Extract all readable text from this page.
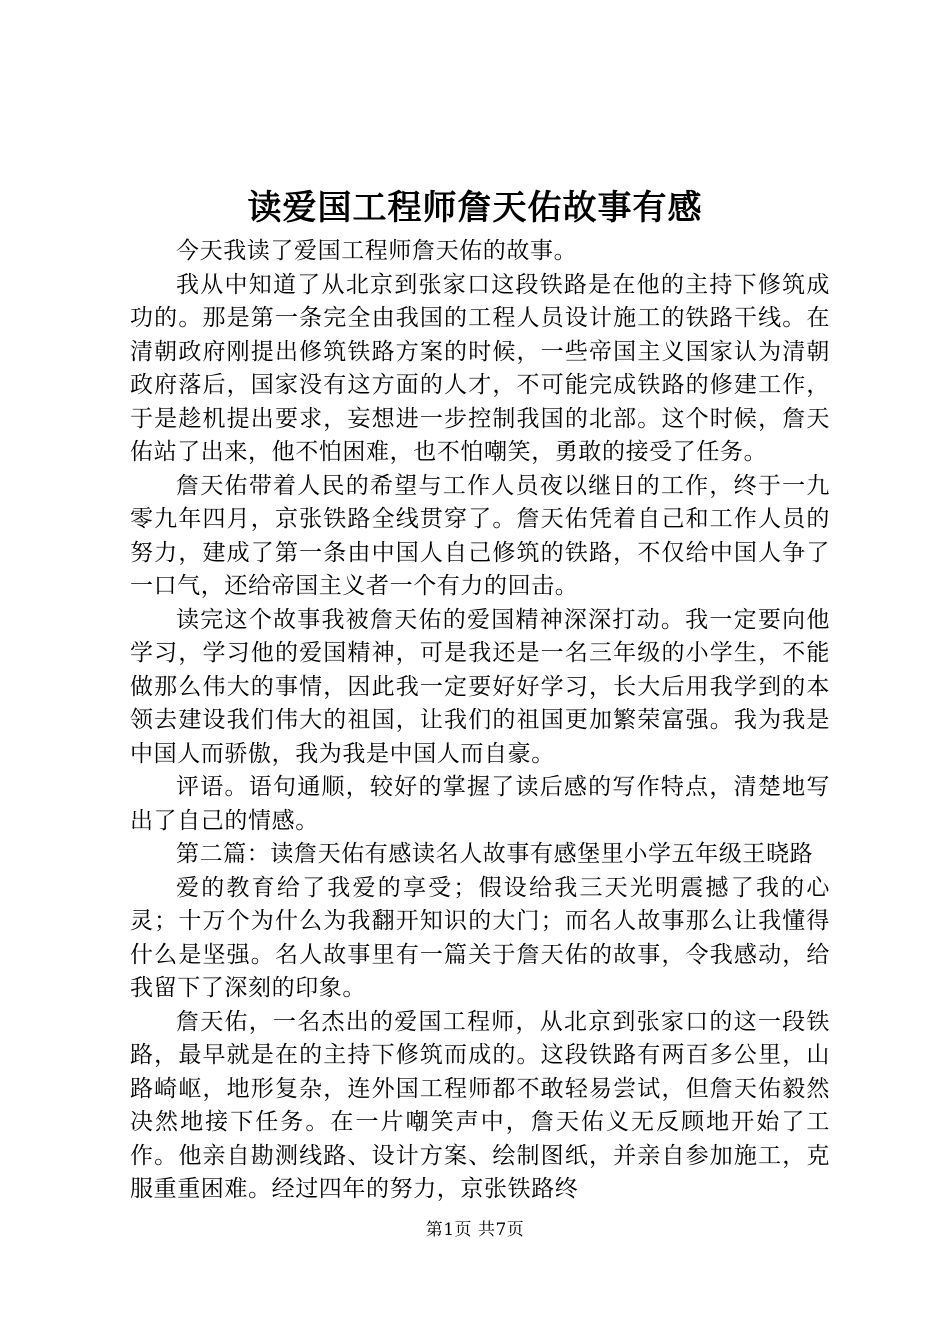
读爱国工程师詹天佑故事有感

今天我读了爱国工程师詹天佑的故事。

我从中知道了从北京到张家口这段铁路是在他的主持下修筑成功的。那是第一条完全由我国的工程人员设计施工的铁路干线。在清朝政府刚提出修筑铁路方案的时候，一些帝国主义国家认为清朝政府落后，国家没有这方面的人才，不可能完成铁路的修建工作，于是趁机提出要求，妄想进一步控制我国的北部。这个时候，詹天佑站了出来，他不怕困难，也不怕嘲笑，勇敢的接受了任务。

詹天佑带着人民的希望与工作人员夜以继日的工作，终于一九零九年四月，京张铁路全线贯穿了。詹天佑凭着自己和工作人员的努力，建成了第一条由中国人自己修筑的铁路，不仅给中国人争了一口气，还给帝国主义者一个有力的回击。

读完这个故事我被詹天佑的爱国精神深深打动。我一定要向他学习，学习他的爱国精神，可是我还是一名三年级的小学生，不能做那么伟大的事情，因此我一定要好好学习，长大后用我学到的本领去建设我们伟大的祖国，让我们的祖国更加繁荣富强。我为我是中国人而骄傲，我为我是中国人而自豪。

评语。语句通顺，较好的掌握了读后感的写作特点，清楚地写出了自己的情感。

第二篇：读詹天佑有感读名人故事有感堡里小学五年级王晓路

爱的教育给了我爱的享受；假设给我三天光明震撼了我的心灵；十万个为什么为我翻开知识的大门；而名人故事那么让我懂得什么是坚强。名人故事里有一篇关于詹天佑的故事，令我感动，给我留下了深刻的印象。

詹天佑，一名杰出的爱国工程师，从北京到张家口的这一段铁路，最早就是在的主持下修筑而成的。这段铁路有两百多公里，山路崎岖，地形复杂，连外国工程师都不敢轻易尝试，但詹天佑毅然决然地接下任务。在一片嘲笑声中，詹天佑义无反顾地开始了工作。他亲自勘测线路、设计方案、绘制图纸，并亲自参加施工，克服重重困难。经过四年的努力，京张铁路终

第1页 共7页
